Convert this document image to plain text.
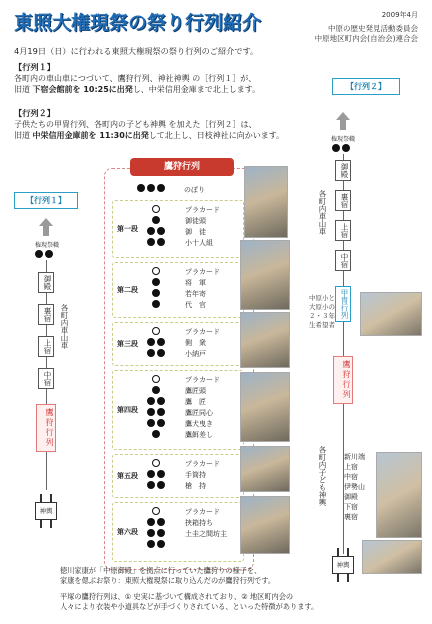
東照大権現祭の祭り行列紹介	2009年4月
中原の歴史発見活動委員会
中原地区町内会(自治会)連合会
4月19日（日）に行われる東照大権現祭の祭り行列のご紹介です。
【行列１】
各町内の車山車につづいて、鷹狩行列、神社神輿 の［行列１］が、
旧道 下宿会館前を 10:25に出発し、中栄信用金庫まで北上します。
【行列２】
子供たちの甲冑行列、各町内の子ども神輿 を加えた［行列２］は、
旧道 中栄信用金庫前を 11:30に出発して北上し、日枝神社に向かいます。
【行列１】
権現祭幟
御殿
裏宿
上宿
中宿
各町内車山車
鷹狩行列
神輿
鷹狩行列
のぼり
第一段
プラカード
御徒頭
御　徒
小十人組
第二段
プラカード
将　軍
若年寄
代　官
第三段
プラカード
側　衆
小納戸
第四段
プラカード
鷹匠頭
鷹　匠
鷹匠同心
鷹犬曳き
鷹餌差し
第五段
プラカード
手筒持
槍　持
第六段
プラカード
挟箱持ち
土圭之間坊主
【行列２】
権現祭幟
御殿
裏宿
上宿
中宿
各町内車山車
甲冑行列
中原小と大原小の２・３年生希望者
鷹狩行列
各町内子ども神輿 新川端
上宿
中宿
伊勢山
御殿
下宿
裏宿
神輿
徳川家康が「中原御殿」を拠点に行っていた鷹狩りの様子を、
家康を偲ぶお祭り：東照大権現祭に取り込んだのが鷹狩行列です。
平塚の鷹狩行列は、① 史実に基づいて構成されており、② 地区町内会の
人々により衣装や小道具などが手づくりされている、といった特徴があります。
